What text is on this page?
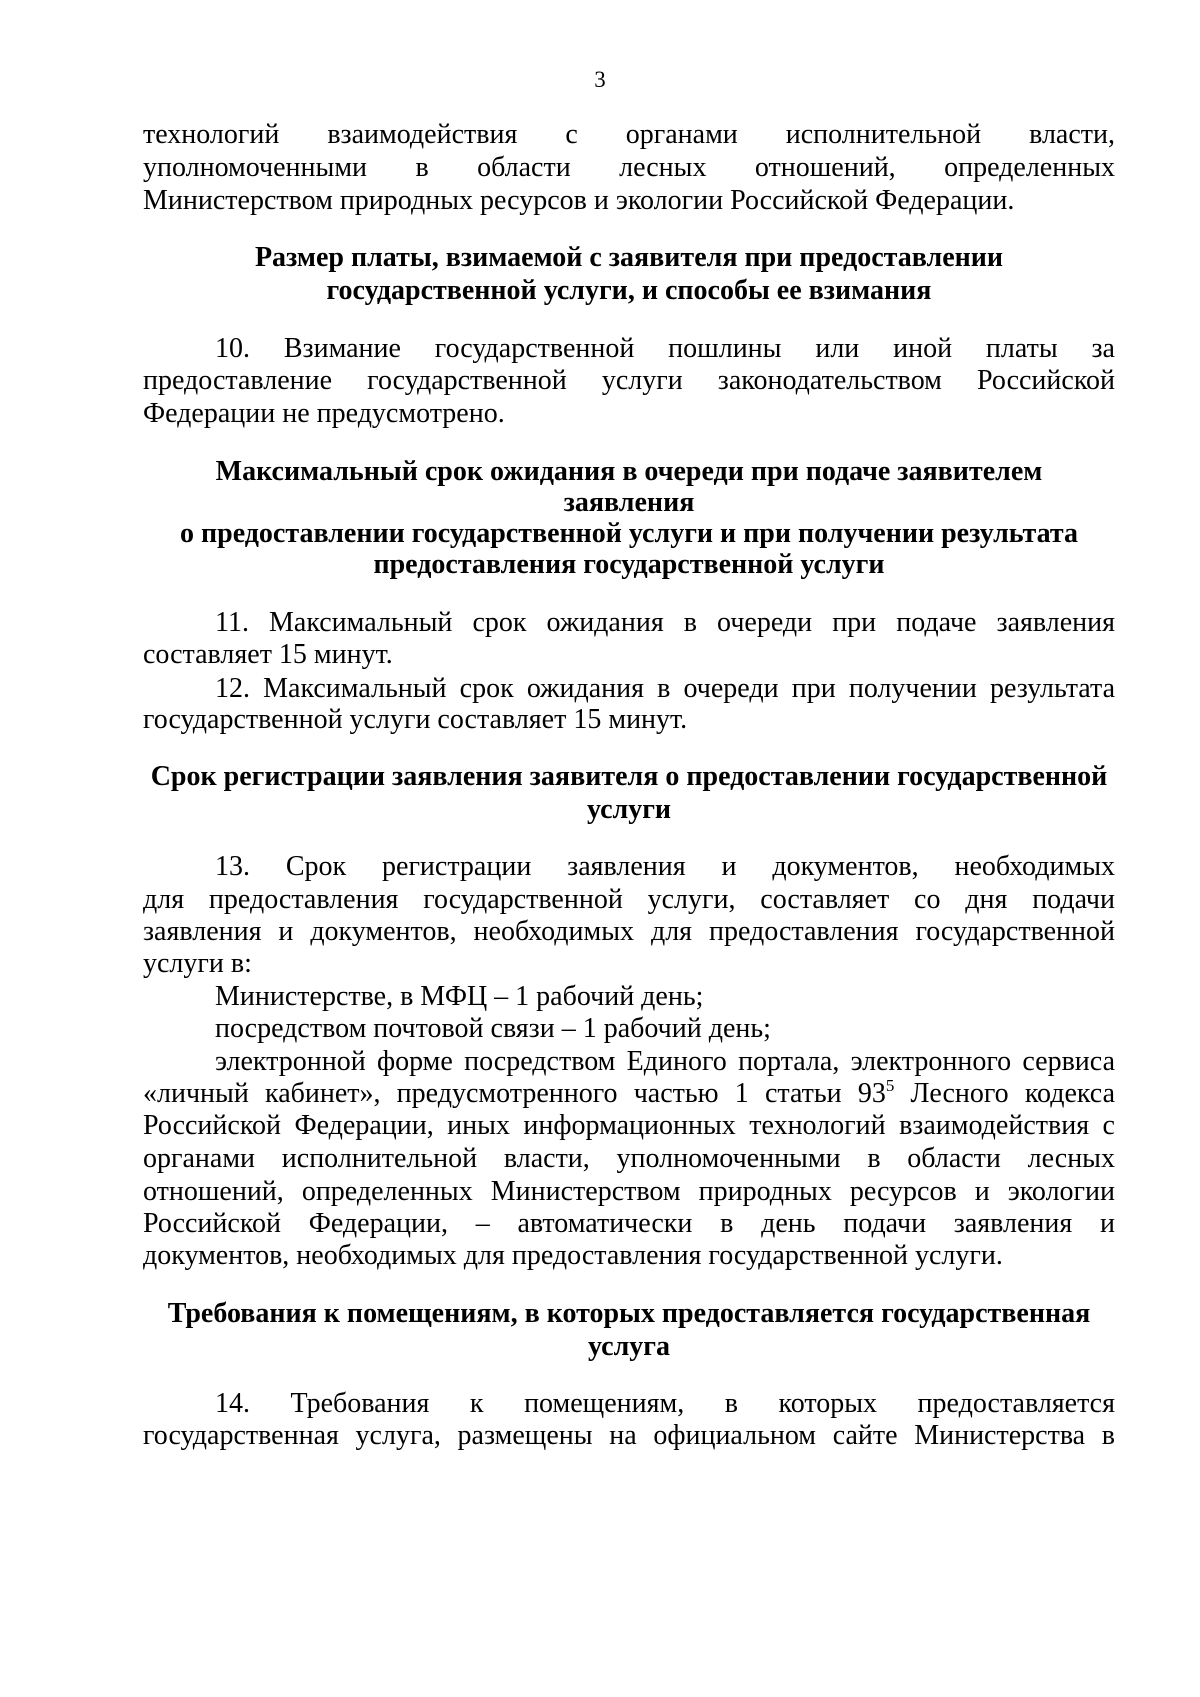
3
технологий взаимодействия с органами исполнительной власти,
уполномоченными в области лесных отношений, определенных
Министерством природных ресурсов и экологии Российской Федерации.
Размер платы, взимаемой с заявителя при предоставлении
государственной услуги, и способы ее взимания
10. Взимание государственной пошлины или иной платы за
предоставление государственной услуги законодательством Российской
Федерации не предусмотрено.
Максимальный срок ожидания в очереди при подаче заявителем
заявления
о предоставлении государственной услуги и при получении результата
предоставления государственной услуги
11. Максимальный срок ожидания в очереди при подаче заявления
составляет 15 минут.
12. Максимальный срок ожидания в очереди при получении результата
государственной услуги составляет 15 минут.
Срок регистрации заявления заявителя о предоставлении государственной
услуги
13. Срок регистрации заявления и документов, необходимых
для предоставления государственной услуги, составляет со дня подачи
заявления и документов, необходимых для предоставления государственной
услуги в:
Министерстве, в МФЦ – 1 рабочий день;
посредством почтовой связи – 1 рабочий день;
электронной форме посредством Единого портала, электронного сервиса
«личный кабинет», предусмотренного частью 1 статьи $93^5$ Лесного кодекса
Российской Федерации, иных информационных технологий взаимодействия с
органами исполнительной власти, уполномоченными в области лесных
отношений, определенных Министерством природных ресурсов и экологии
Российской Федерации, – автоматически в день подачи заявления и
документов, необходимых для предоставления государственной услуги.
Требования к помещениям, в которых предоставляется государственная
услуга
14. Требования к помещениям, в которых предоставляется
государственная услуга, размещены на официальном сайте Министерства в
